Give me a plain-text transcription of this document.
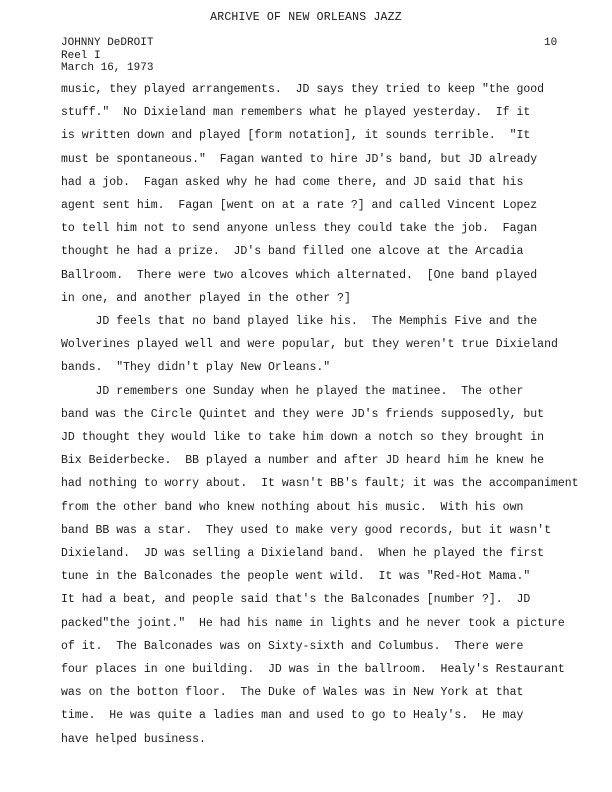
ARCHIVE OF NEW ORLEANS JAZZ
JOHNNY DeDROIT
Reel I
March 16, 1973
10
music, they played arrangements.  JD says they tried to keep "the good
stuff."  No Dixieland man remembers what he played yesterday.  If it
is written down and played [form notation], it sounds terrible.  "It
must be spontaneous."  Fagan wanted to hire JD's band, but JD already
had a job.  Fagan asked why he had come there, and JD said that his
agent sent him.  Fagan [went on at a rate ?] and called Vincent Lopez
to tell him not to send anyone unless they could take the job.  Fagan
thought he had a prize.  JD's band filled one alcove at the Arcadia
Ballroom.  There were two alcoves which alternated.  [One band played
in one, and another played in the other ?]
JD feels that no band played like his.  The Memphis Five and the
Wolverines played well and were popular, but they weren't true Dixieland
bands.  "They didn't play New Orleans."
JD remembers one Sunday when he played the matinee.  The other
band was the Circle Quintet and they were JD's friends supposedly, but
JD thought they would like to take him down a notch so they brought in
Bix Beiderbecke.  BB played a number and after JD heard him he knew he
had nothing to worry about.  It wasn't BB's fault; it was the accompaniment
from the other band who knew nothing about his music.  With his own
band BB was a star.  They used to make very good records, but it wasn't
Dixieland.  JD was selling a Dixieland band.  When he played the first
tune in the Balconades the people went wild.  It was "Red-Hot Mama."
It had a beat, and people said that's the Balconades [number ?].  JD
packed"the joint."  He had his name in lights and he never took a picture
of it.  The Balconades was on Sixty-sixth and Columbus.  There were
four places in one building.  JD was in the ballroom.  Healy's Restaurant
was on the botton floor.  The Duke of Wales was in New York at that
time.  He was quite a ladies man and used to go to Healy's.  He may
have helped business.
